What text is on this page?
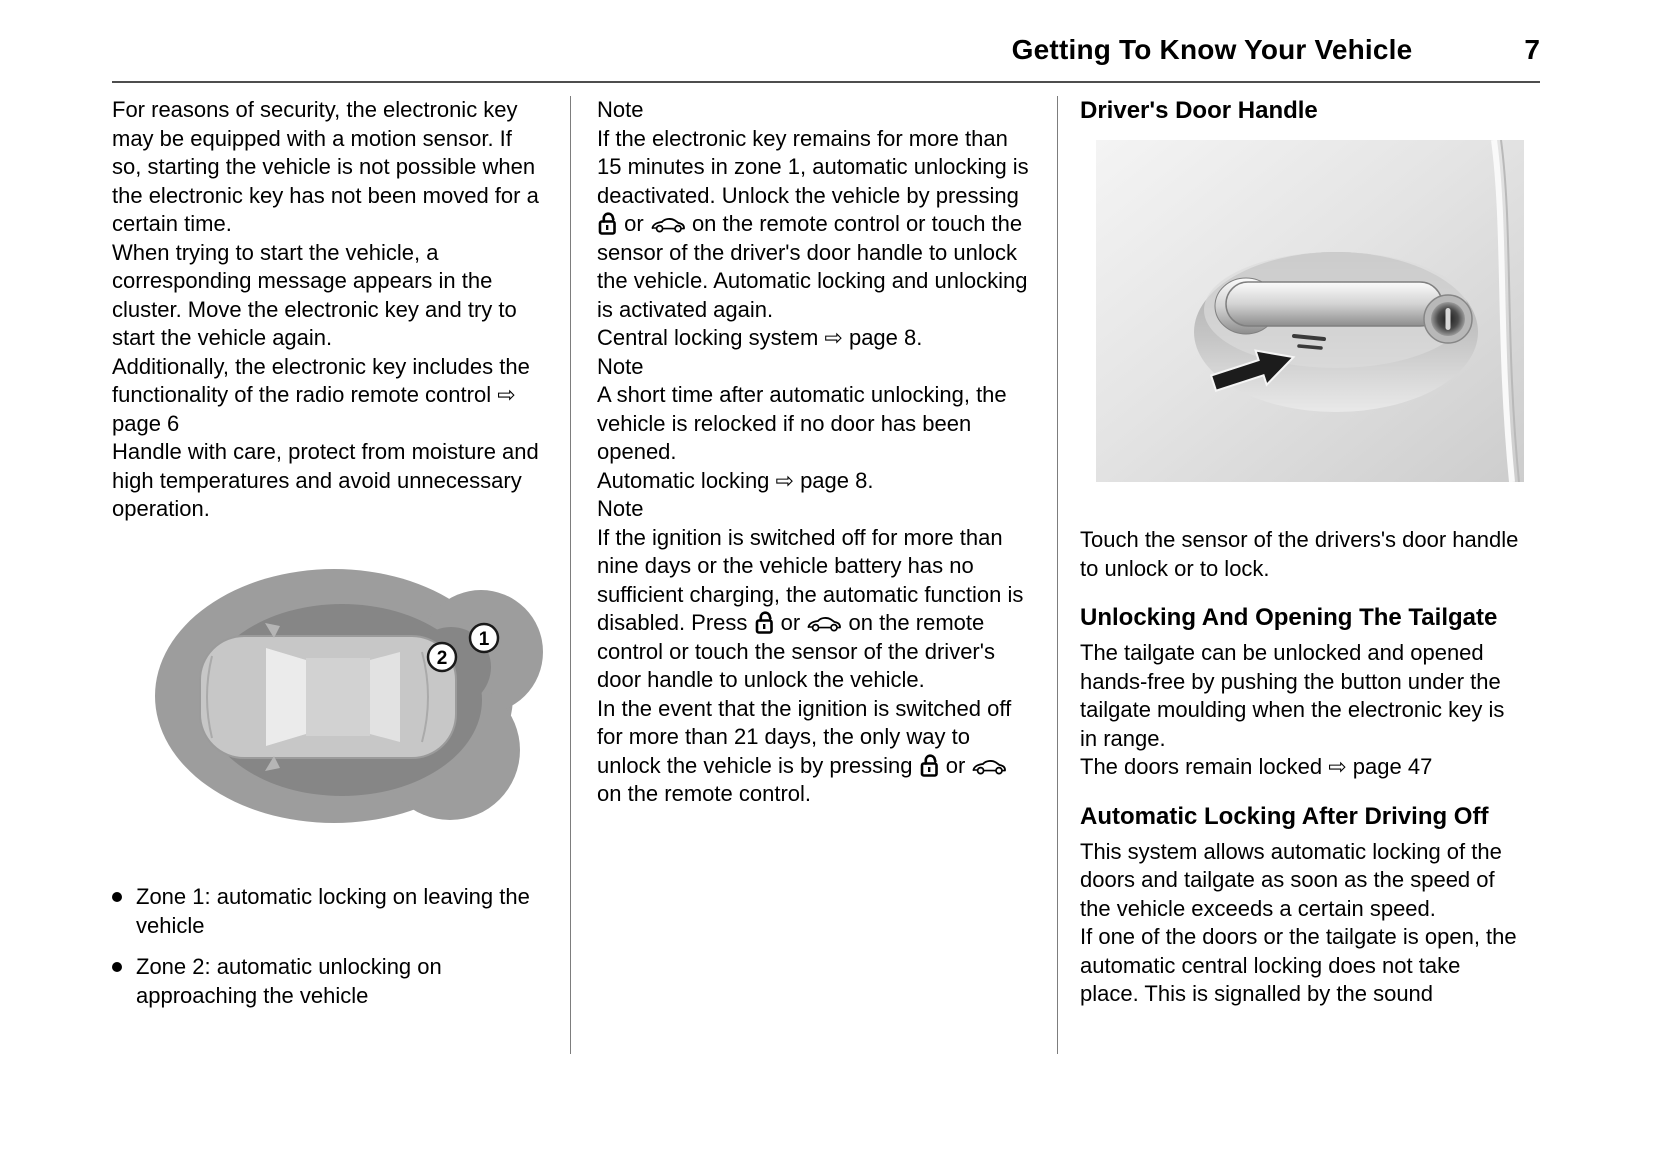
Getting To Know Your Vehicle	7

For reasons of security, the electronic key may be equipped with a motion sensor. If so, starting the vehicle is not possible when the electronic key has not been moved for a certain time.

When trying to start the vehicle, a corresponding message appears in the cluster. Move the electronic key and try to start the vehicle again.

Additionally, the electronic key includes the functionality of the radio remote control ⇨ page 6

Handle with care, protect from moisture and high temperatures and avoid unnecessary operation.

1
2
Zone 1: automatic locking on leaving the vehicle
Zone 2: automatic unlocking on approaching the vehicle

Note

If the electronic key remains for more than 15 minutes in zone 1, automatic unlocking is deactivated. Unlock the vehicle by pressing  or on the remote control or touch the sensor of the driver's door handle to unlock the vehicle. Automatic locking and unlocking is activated again.

Central locking system ⇨ page 8.

Note

A short time after automatic unlocking, the vehicle is relocked if no door has been opened.

Automatic locking ⇨ page 8.

Note

If the ignition is switched off for more than nine days or the vehicle battery has no sufficient charging, the automatic function is disabled. Press or on the remote control or touch the sensor of the driver's door handle to unlock the vehicle.

In the event that the ignition is switched off for more than 21 days, the only way to unlock the vehicle is by pressing or  on the remote control.

Driver's Door Handle

Touch the sensor of the drivers's door handle to unlock or to lock.

Unlocking And Opening The Tailgate

The tailgate can be unlocked and opened hands-free by pushing the button under the tailgate moulding when the electronic key is in range.

The doors remain locked ⇨ page 47

Automatic Locking After Driving Off

This system allows automatic locking of the doors and tailgate as soon as the speed of the vehicle exceeds a certain speed.

If one of the doors or the tailgate is open, the automatic central locking does not take place. This is signalled by the sound
